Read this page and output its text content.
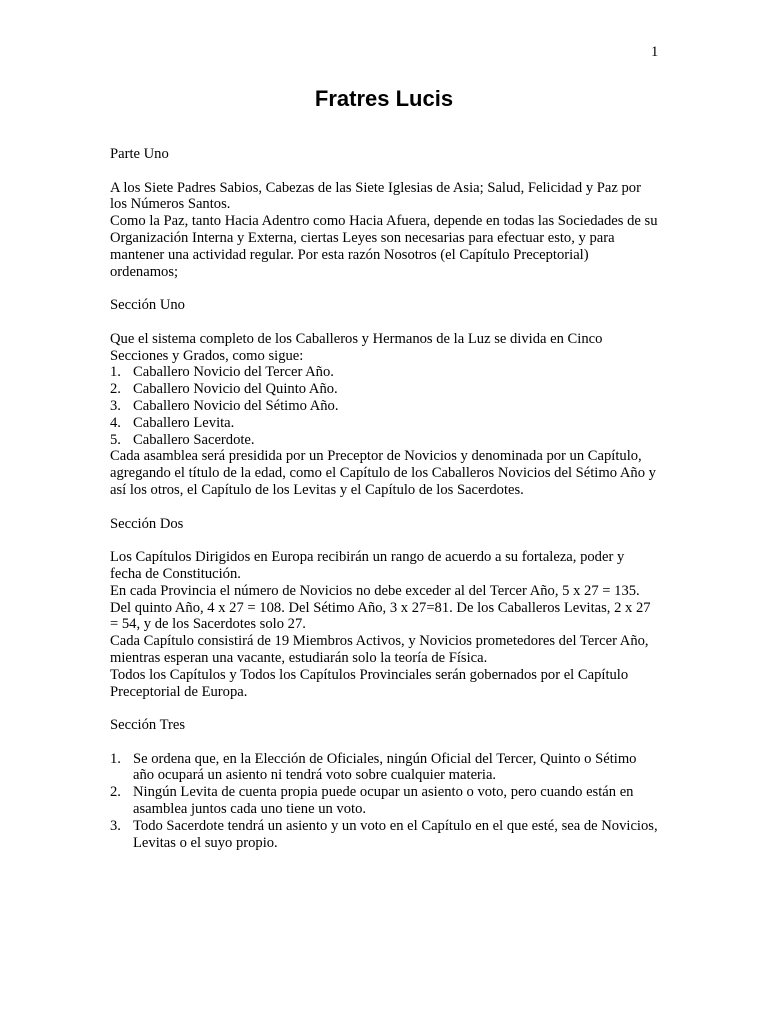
1
Fratres Lucis

Parte Uno

A los Siete Padres Sabios, Cabezas de las Siete Iglesias de Asia; Salud, Felicidad y Paz por los Números Santos.

Como la Paz, tanto Hacia Adentro como Hacia Afuera, depende en todas las Sociedades de su Organización Interna y Externa, ciertas Leyes son necesarias para efectuar esto, y para mantener una actividad regular. Por esta razón Nosotros (el Capítulo Preceptorial) ordenamos;

Sección Uno

Que el sistema completo de los Caballeros y Hermanos de la Luz se divida en Cinco Secciones y Grados, como sigue:

1. Caballero Novicio del Tercer Año.
2. Caballero Novicio del Quinto Año.
3. Caballero Novicio del Sétimo Año.
4. Caballero Levita.
5. Caballero Sacerdote.

Cada asamblea será presidida por un Preceptor de Novicios y denominada por un Capítulo, agregando el título de la edad, como el Capítulo de los Caballeros Novicios del Sétimo Año y así los otros, el Capítulo de los Levitas y el Capítulo de los Sacerdotes.

Sección Dos

Los Capítulos Dirigidos en Europa recibirán un rango de acuerdo a su fortaleza, poder y fecha de Constitución.

En cada Provincia el número de Novicios no debe exceder al del Tercer Año, 5 x 27 = 135. Del quinto Año, 4 x 27 = 108. Del Sétimo Año, 3 x 27=81. De los Caballeros Levitas, 2 x 27 = 54, y de los Sacerdotes solo 27.

Cada Capítulo consistirá de 19 Miembros Activos, y Novicios prometedores del Tercer Año, mientras esperan una vacante, estudiarán solo la teoría de Física.

Todos los Capítulos y Todos los Capítulos Provinciales serán gobernados por el Capítulo Preceptorial de Europa.

Sección Tres

1. Se ordena que, en la Elección de Oficiales, ningún Oficial del Tercer, Quinto o Sétimo año ocupará un asiento ni tendrá voto sobre cualquier materia.
2. Ningún Levita de cuenta propia puede ocupar un asiento o voto, pero cuando están en asamblea juntos cada uno tiene un voto.
3. Todo Sacerdote tendrá un asiento y un voto en el Capítulo en el que esté, sea de Novicios, Levitas o el suyo propio.
